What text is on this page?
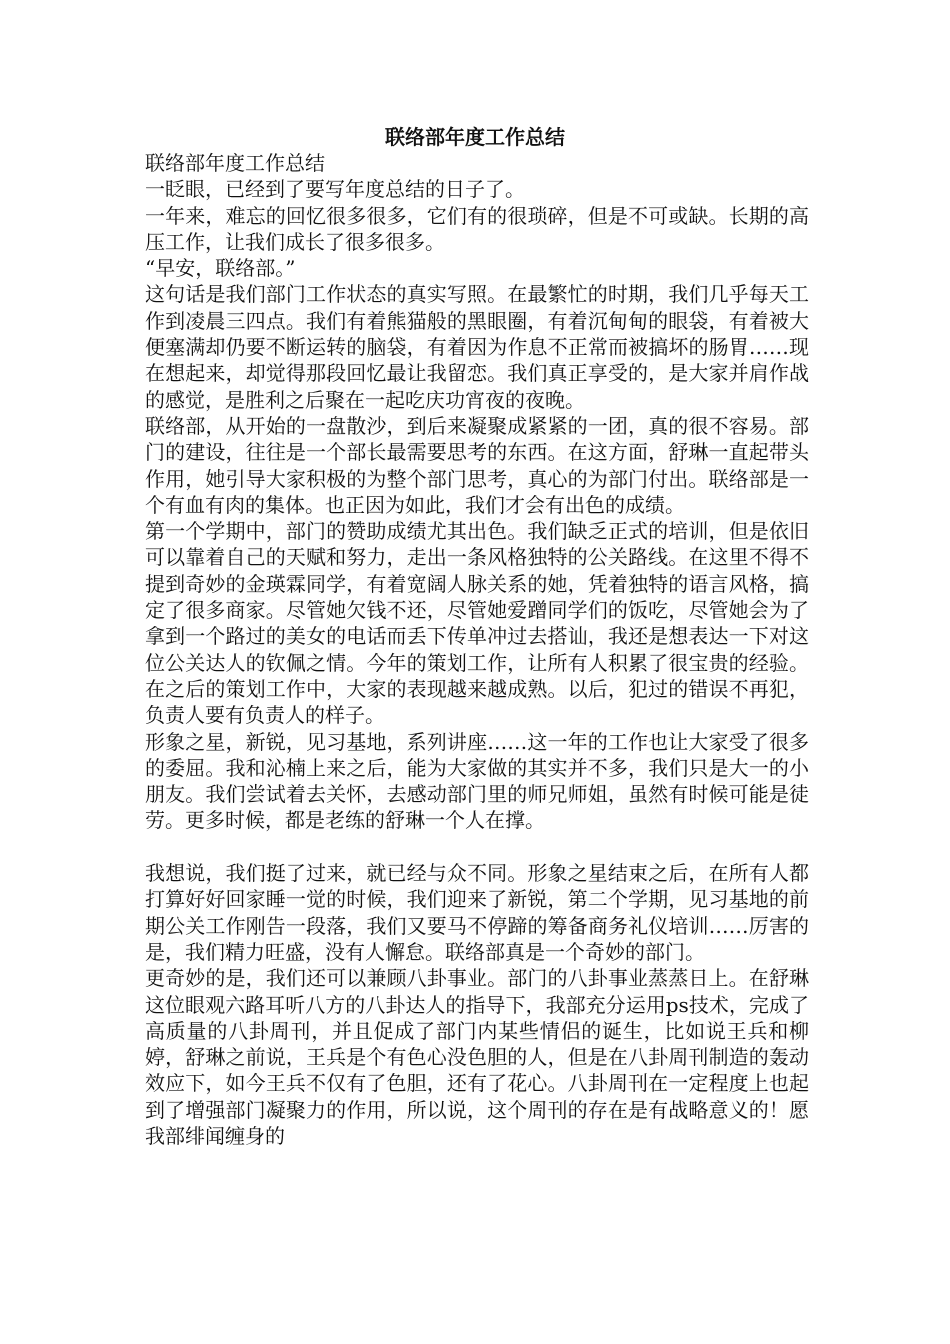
联络部年度工作总结
联络部年度工作总结
一眨眼，已经到了要写年度总结的日子了。
一年来，难忘的回忆很多很多，它们有的很琐碎，但是不可或缺。长期的高压工作，让我们成长了很多很多。
“早安，联络部。”
这句话是我们部门工作状态的真实写照。在最繁忙的时期，我们几乎每天工作到凌晨三四点。我们有着熊猫般的黑眼圈，有着沉甸甸的眼袋，有着被大便塞满却仍要不断运转的脑袋，有着因为作息不正常而被搞坏的肠胃……现在想起来，却觉得那段回忆最让我留恋。我们真正享受的，是大家并肩作战的感觉，是胜利之后聚在一起吃庆功宵夜的夜晚。
联络部，从开始的一盘散沙，到后来凝聚成紧紧的一团，真的很不容易。部门的建设，往往是一个部长最需要思考的东西。在这方面，舒琳一直起带头作用，她引导大家积极的为整个部门思考，真心的为部门付出。联络部是一个有血有肉的集体。也正因为如此，我们才会有出色的成绩。
第一个学期中，部门的赞助成绩尤其出色。我们缺乏正式的培训，但是依旧可以靠着自己的天赋和努力，走出一条风格独特的公关路线。在这里不得不提到奇妙的金瑛霖同学，有着宽阔人脉关系的她，凭着独特的语言风格，搞定了很多商家。尽管她欠钱不还，尽管她爱蹭同学们的饭吃，尽管她会为了拿到一个路过的美女的电话而丢下传单冲过去搭讪，我还是想表达一下对这位公关达人的钦佩之情。今年的策划工作，让所有人积累了很宝贵的经验。在之后的策划工作中，大家的表现越来越成熟。以后，犯过的错误不再犯，负责人要有负责人的样子。
形象之星，新锐，见习基地，系列讲座……这一年的工作也让大家受了很多的委屈。我和沁楠上来之后，能为大家做的其实并不多，我们只是大一的小朋友。我们尝试着去关怀，去感动部门里的师兄师姐，虽然有时候可能是徒劳。更多时候，都是老练的舒琳一个人在撑。
我想说，我们挺了过来，就已经与众不同。形象之星结束之后，在所有人都打算好好回家睡一觉的时候，我们迎来了新锐，第二个学期，见习基地的前期公关工作刚告一段落，我们又要马不停蹄的筹备商务礼仪培训……厉害的是，我们精力旺盛，没有人懈怠。联络部真是一个奇妙的部门。
更奇妙的是，我们还可以兼顾八卦事业。部门的八卦事业蒸蒸日上。在舒琳这位眼观六路耳听八方的八卦达人的指导下，我部充分运用ps技术，完成了高质量的八卦周刊，并且促成了部门内某些情侣的诞生，比如说王兵和柳婷，舒琳之前说，王兵是个有色心没色胆的人，但是在八卦周刊制造的轰动效应下，如今王兵不仅有了色胆，还有了花心。八卦周刊在一定程度上也起到了增强部门凝聚力的作用，所以说，这个周刊的存在是有战略意义的！愿我部绯闻缠身的
